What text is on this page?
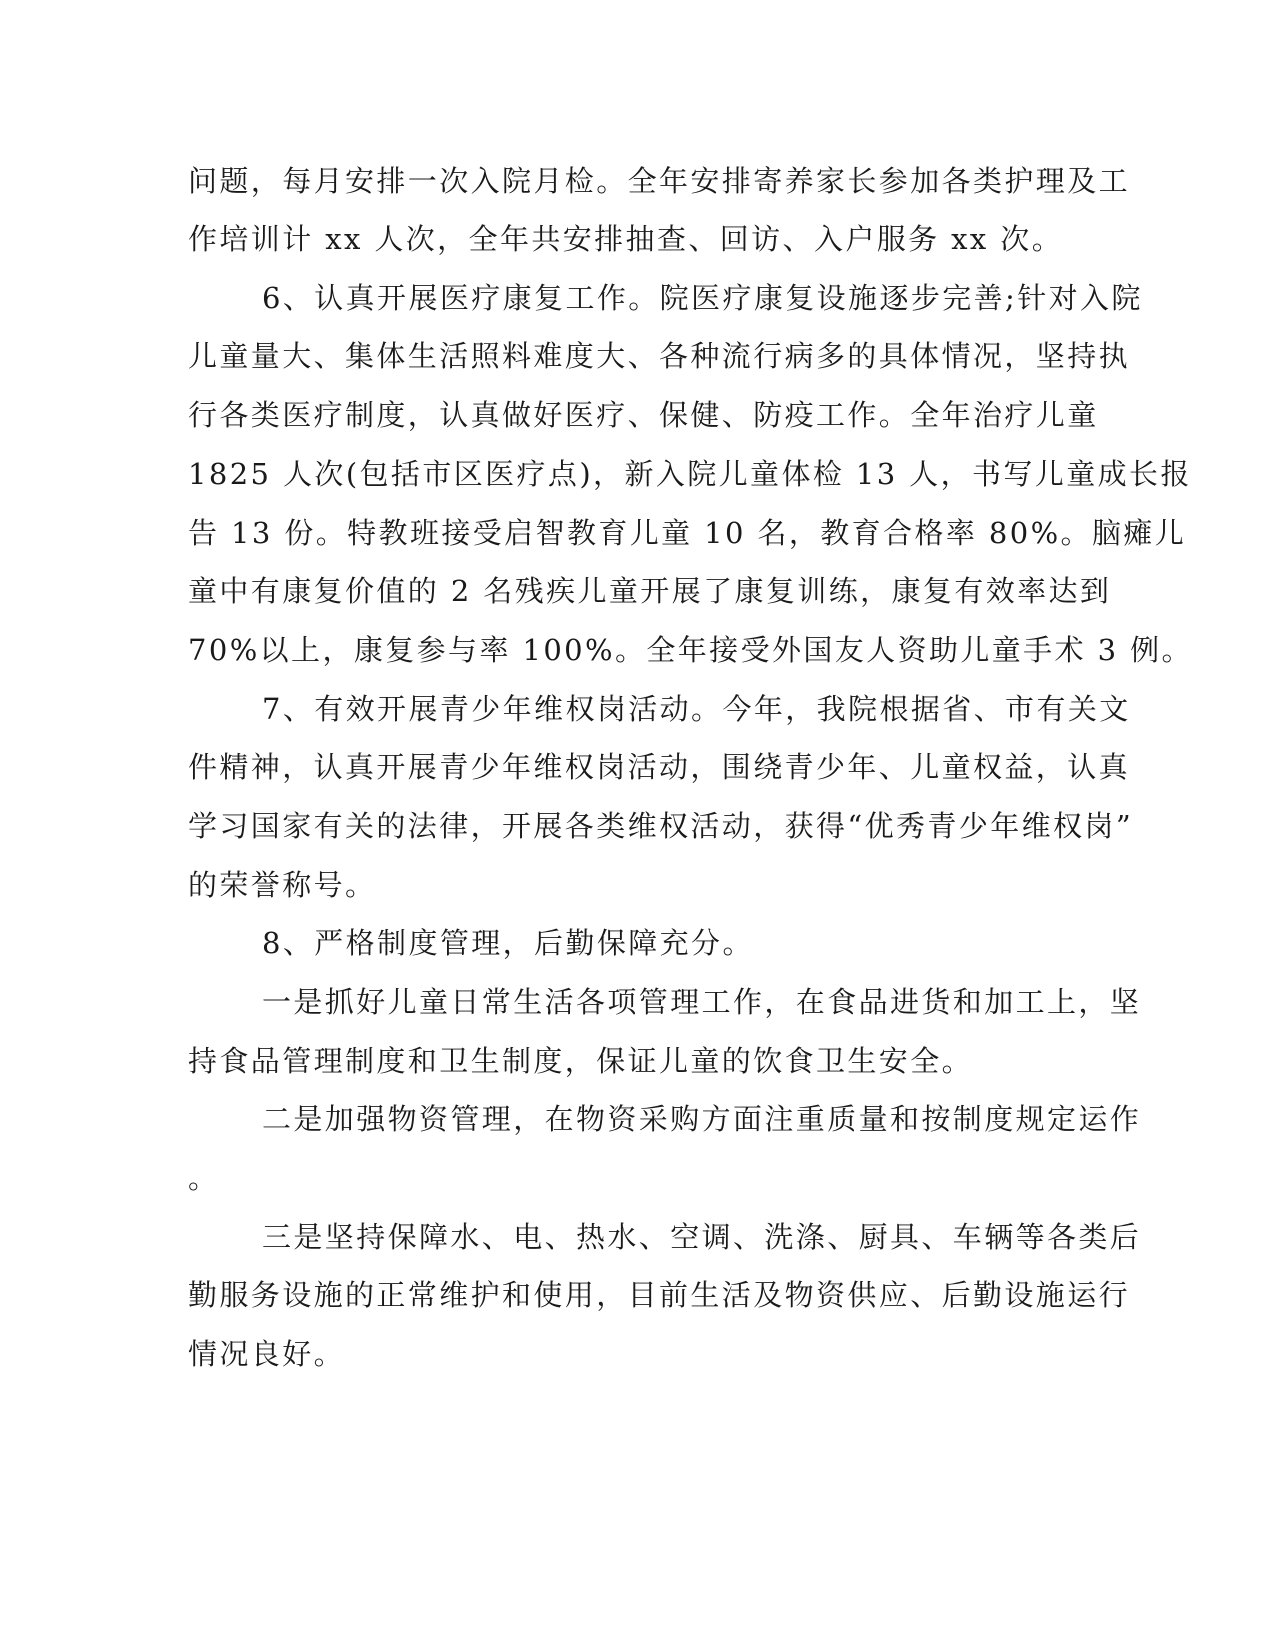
问题，每月安排一次入院月检。全年安排寄养家长参加各类护理及工
作培训计 xx 人次，全年共安排抽查、回访、入户服务 xx 次。
6、认真开展医疗康复工作。院医疗康复设施逐步完善;针对入院
儿童量大、集体生活照料难度大、各种流行病多的具体情况，坚持执
行各类医疗制度，认真做好医疗、保健、防疫工作。全年治疗儿童
1825 人次(包括市区医疗点)，新入院儿童体检 13 人，书写儿童成长报
告 13 份。特教班接受启智教育儿童 10 名，教育合格率 80%。脑瘫儿
童中有康复价值的 2 名残疾儿童开展了康复训练，康复有效率达到
70%以上，康复参与率 100%。全年接受外国友人资助儿童手术 3 例。
7、有效开展青少年维权岗活动。今年，我院根据省、市有关文
件精神，认真开展青少年维权岗活动，围绕青少年、儿童权益，认真
学习国家有关的法律，开展各类维权活动，获得“优秀青少年维权岗”
的荣誉称号。
8、严格制度管理，后勤保障充分。
一是抓好儿童日常生活各项管理工作，在食品进货和加工上，坚
持食品管理制度和卫生制度，保证儿童的饮食卫生安全。
二是加强物资管理，在物资采购方面注重质量和按制度规定运作
。
三是坚持保障水、电、热水、空调、洗涤、厨具、车辆等各类后
勤服务设施的正常维护和使用，目前生活及物资供应、后勤设施运行
情况良好。
